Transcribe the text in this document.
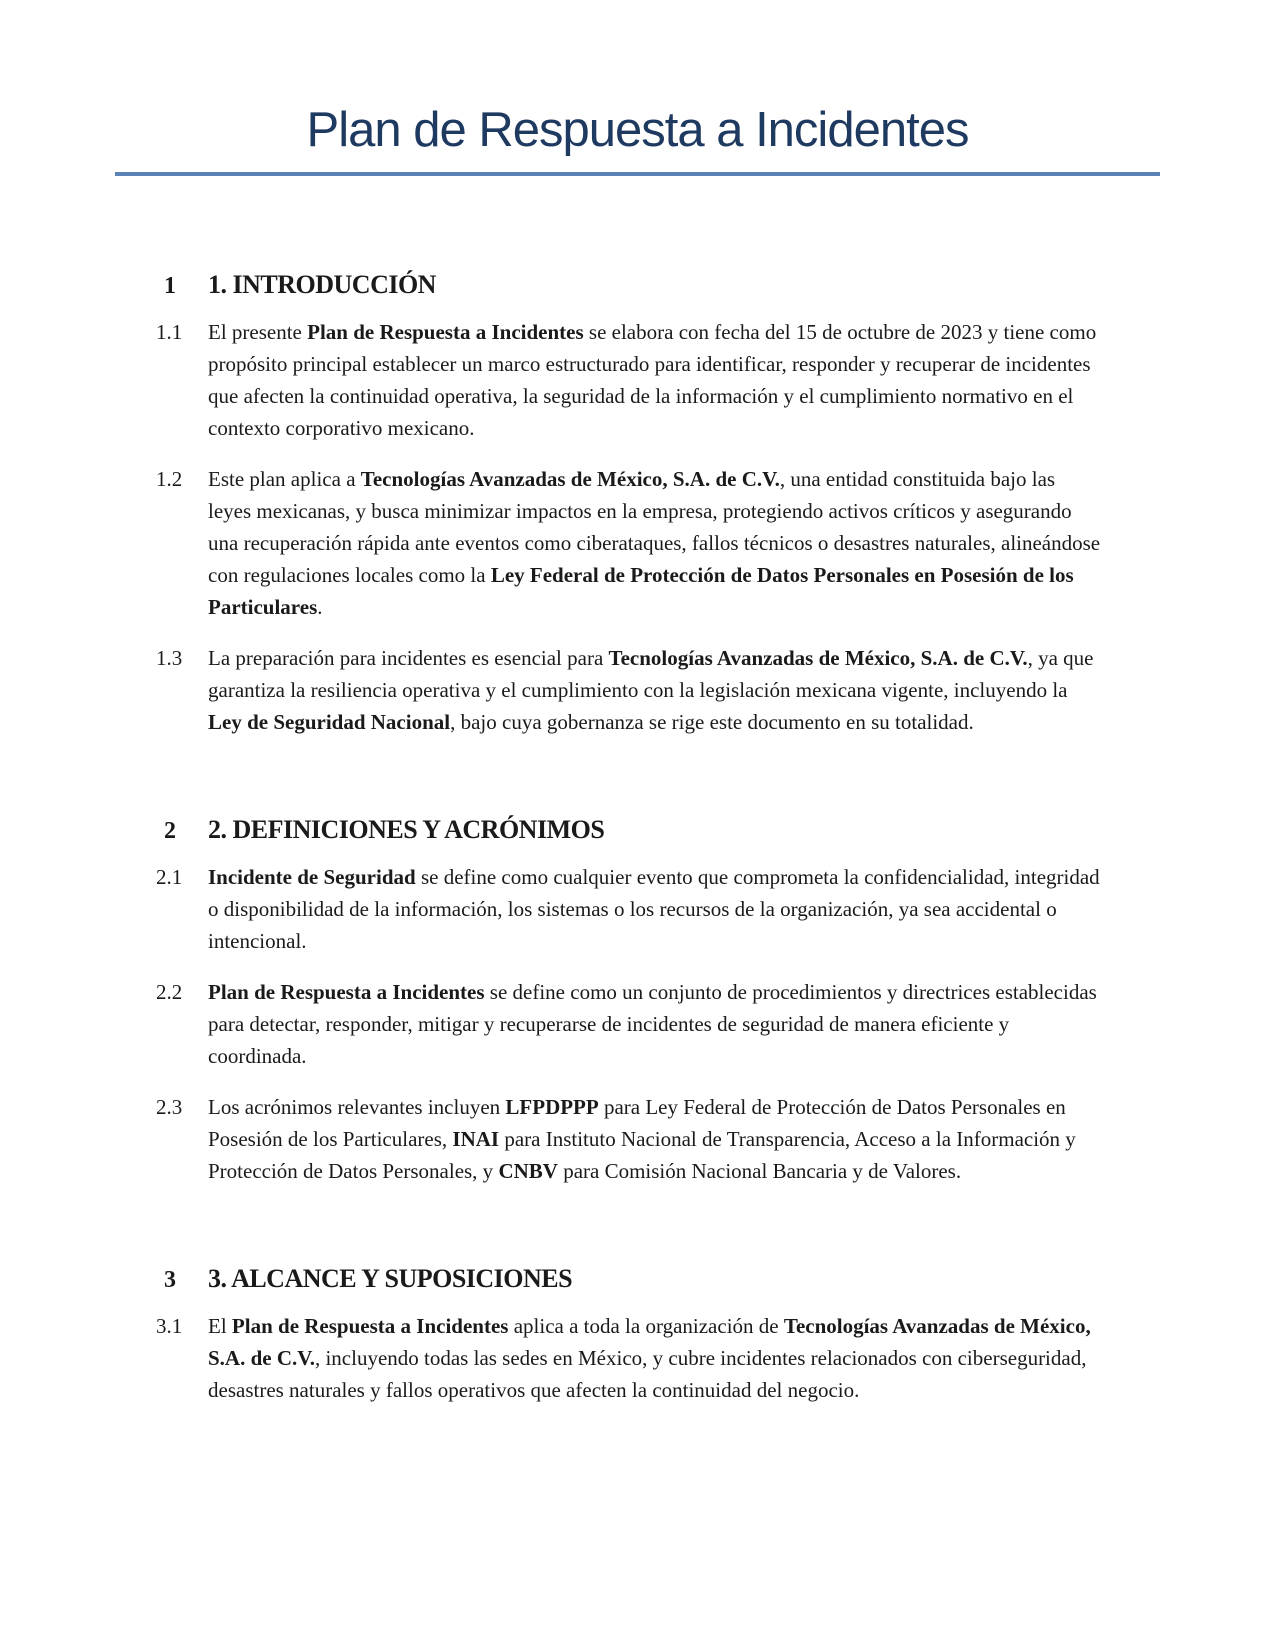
Plan de Respuesta a Incidentes
1	1. INTRODUCCIÓN
1.1	El presente Plan de Respuesta a Incidentes se elabora con fecha del 15 de octubre de 2023 y tiene como propósito principal establecer un marco estructurado para identificar, responder y recuperar de incidentes que afecten la continuidad operativa, la seguridad de la información y el cumplimiento normativo en el contexto corporativo mexicano.

1.2	Este plan aplica a Tecnologías Avanzadas de México, S.A. de C.V., una entidad constituida bajo las leyes mexicanas, y busca minimizar impactos en la empresa, protegiendo activos críticos y asegurando una recuperación rápida ante eventos como ciberataques, fallos técnicos o desastres naturales, alineándose con regulaciones locales como la Ley Federal de Protección de Datos Personales en Posesión de los Particulares.

1.3	La preparación para incidentes es esencial para Tecnologías Avanzadas de México, S.A. de C.V., ya que garantiza la resiliencia operativa y el cumplimiento con la legislación mexicana vigente, incluyendo la Ley de Seguridad Nacional, bajo cuya gobernanza se rige este documento en su totalidad.

2	2. DEFINICIONES Y ACRÓNIMOS
2.1	Incidente de Seguridad se define como cualquier evento que comprometa la confidencialidad, integridad o disponibilidad de la información, los sistemas o los recursos de la organización, ya sea accidental o intencional.

2.2	Plan de Respuesta a Incidentes se define como un conjunto de procedimientos y directrices establecidas para detectar, responder, mitigar y recuperarse de incidentes de seguridad de manera eficiente y coordinada.

2.3	Los acrónimos relevantes incluyen LFPDPPP para Ley Federal de Protección de Datos Personales en Posesión de los Particulares, INAI para Instituto Nacional de Transparencia, Acceso a la Información y Protección de Datos Personales, y CNBV para Comisión Nacional Bancaria y de Valores.

3	3. ALCANCE Y SUPOSICIONES
3.1	El Plan de Respuesta a Incidentes aplica a toda la organización de Tecnologías Avanzadas de México, S.A. de C.V., incluyendo todas las sedes en México, y cubre incidentes relacionados con ciberseguridad, desastres naturales y fallos operativos que afecten la continuidad del negocio.
